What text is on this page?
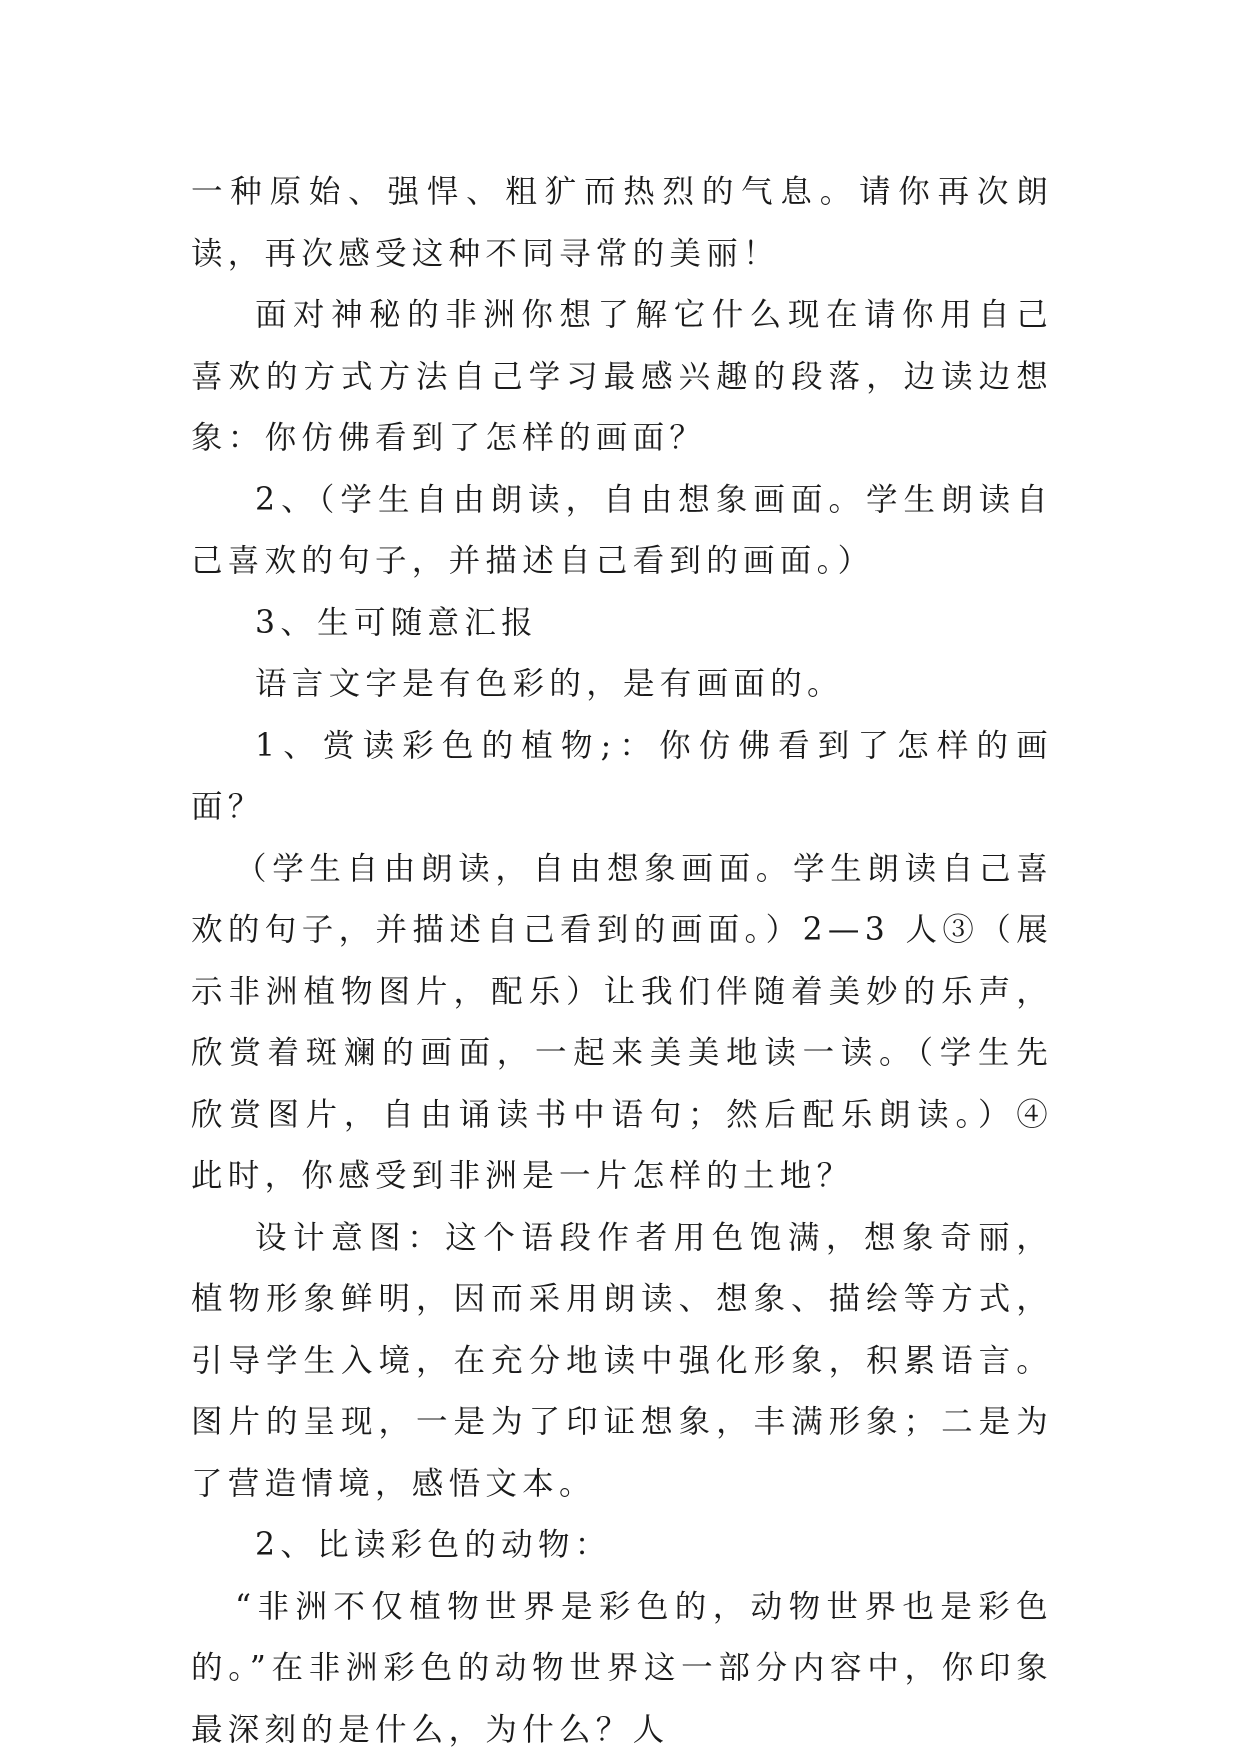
一种原始、强悍、粗犷而热烈的气息。请你再次朗读，再次感受这种不同寻常的美丽！

面对神秘的非洲你想了解它什么现在请你用自己喜欢的方式方法自己学习最感兴趣的段落，边读边想象：你仿佛看到了怎样的画面？

2、（学生自由朗读，自由想象画面。学生朗读自己喜欢的句子，并描述自己看到的画面。）

3、生可随意汇报

语言文字是有色彩的，是有画面的。

1、赏读彩色的植物;：你仿佛看到了怎样的画面？

（学生自由朗读，自由想象画面。学生朗读自己喜欢的句子，并描述自己看到的画面。）2—3 人③（展示非洲植物图片，配乐）让我们伴随着美妙的乐声，欣赏着斑斓的画面，一起来美美地读一读。（学生先欣赏图片，自由诵读书中语句；然后配乐朗读。）④此时，你感受到非洲是一片怎样的土地？

设计意图：这个语段作者用色饱满，想象奇丽，植物形象鲜明，因而采用朗读、想象、描绘等方式，引导学生入境，在充分地读中强化形象，积累语言。图片的呈现，一是为了印证想象，丰满形象；二是为了营造情境，感悟文本。

2、比读彩色的动物：

“非洲不仅植物世界是彩色的，动物世界也是彩色的。”在非洲彩色的动物世界这一部分内容中，你印象最深刻的是什么，为什么？人
